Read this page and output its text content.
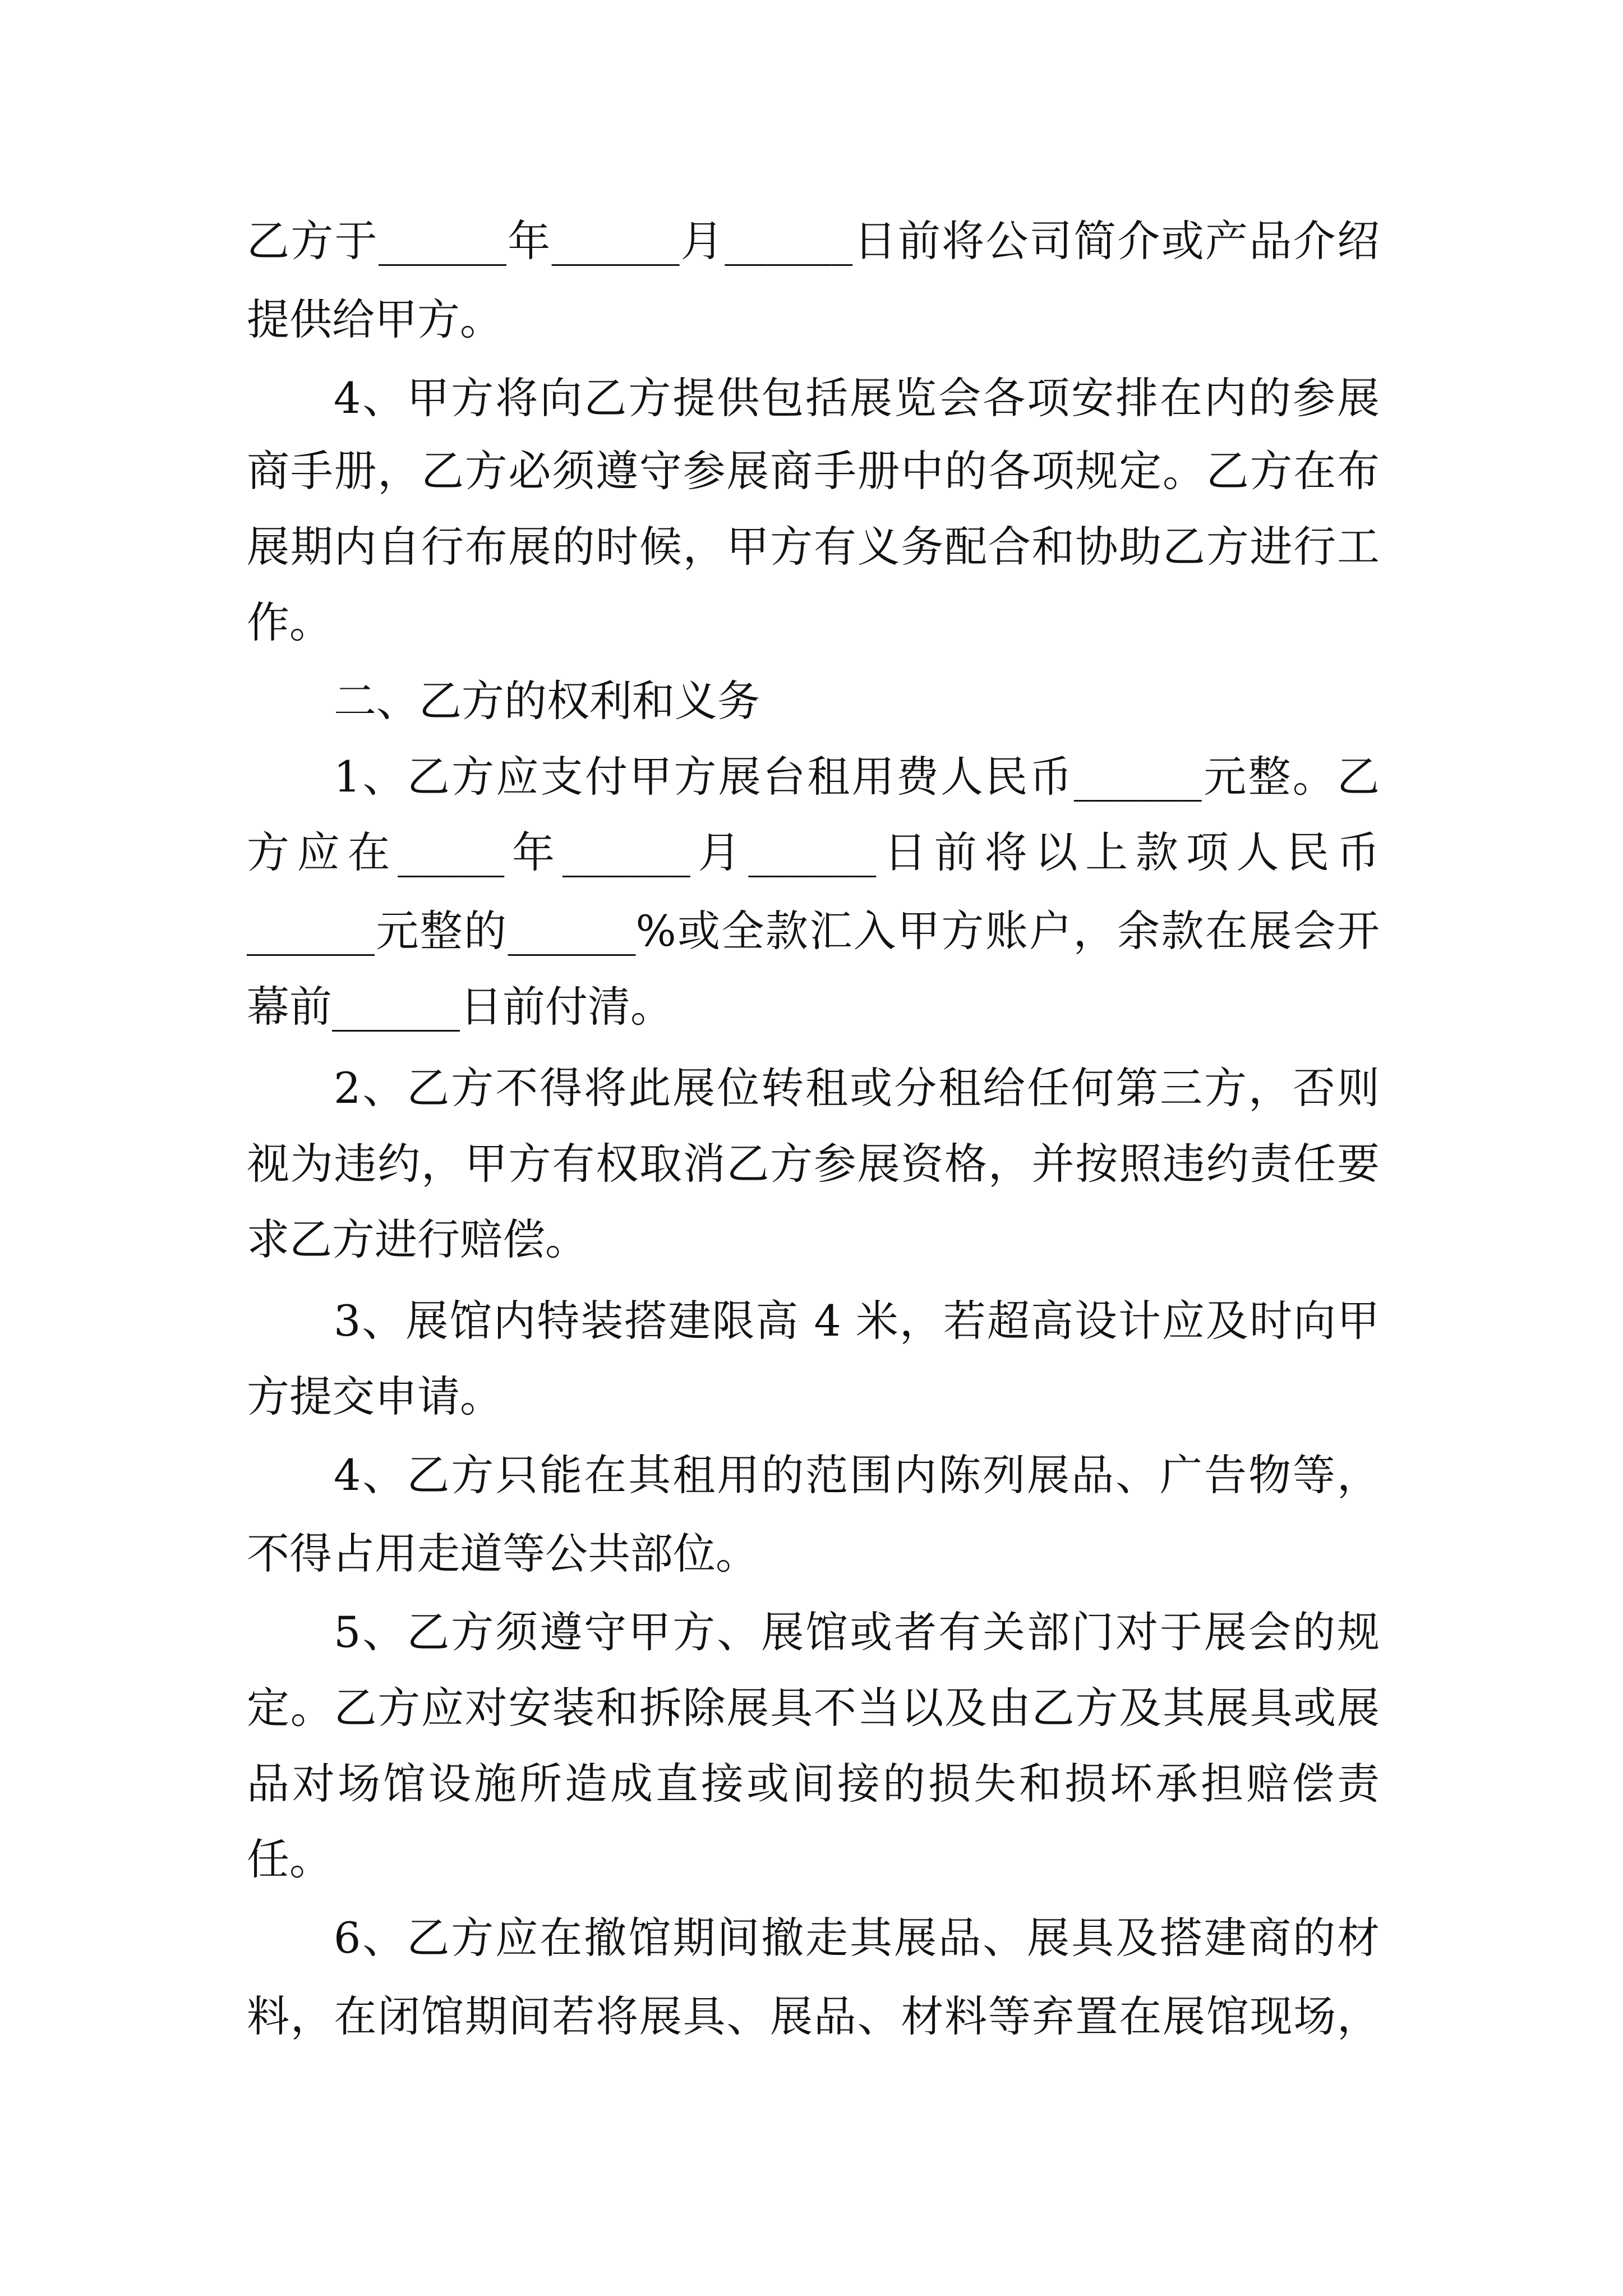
乙方于______年______月______日前将公司简介或产品介绍
提供给甲方。
4、甲方将向乙方提供包括展览会各项安排在内的参展
商手册，乙方必须遵守参展商手册中的各项规定。乙方在布
展期内自行布展的时候，甲方有义务配合和协助乙方进行工
作。
二、乙方的权利和义务
1、乙方应支付甲方展台租用费人民币______元整。乙
方应在_____年______月______日前将以上款项人民币
______元整的______%或全款汇入甲方账户，余款在展会开
幕前______日前付清。
2、乙方不得将此展位转租或分租给任何第三方，否则
视为违约，甲方有权取消乙方参展资格，并按照违约责任要
求乙方进行赔偿。
3、展馆内特装搭建限高 4 米，若超高设计应及时向甲
方提交申请。
4、乙方只能在其租用的范围内陈列展品、广告物等，
不得占用走道等公共部位。
5、乙方须遵守甲方、展馆或者有关部门对于展会的规
定。乙方应对安装和拆除展具不当以及由乙方及其展具或展
品对场馆设施所造成直接或间接的损失和损坏承担赔偿责
任。
6、乙方应在撤馆期间撤走其展品、展具及搭建商的材
料，在闭馆期间若将展具、展品、材料等弃置在展馆现场，
